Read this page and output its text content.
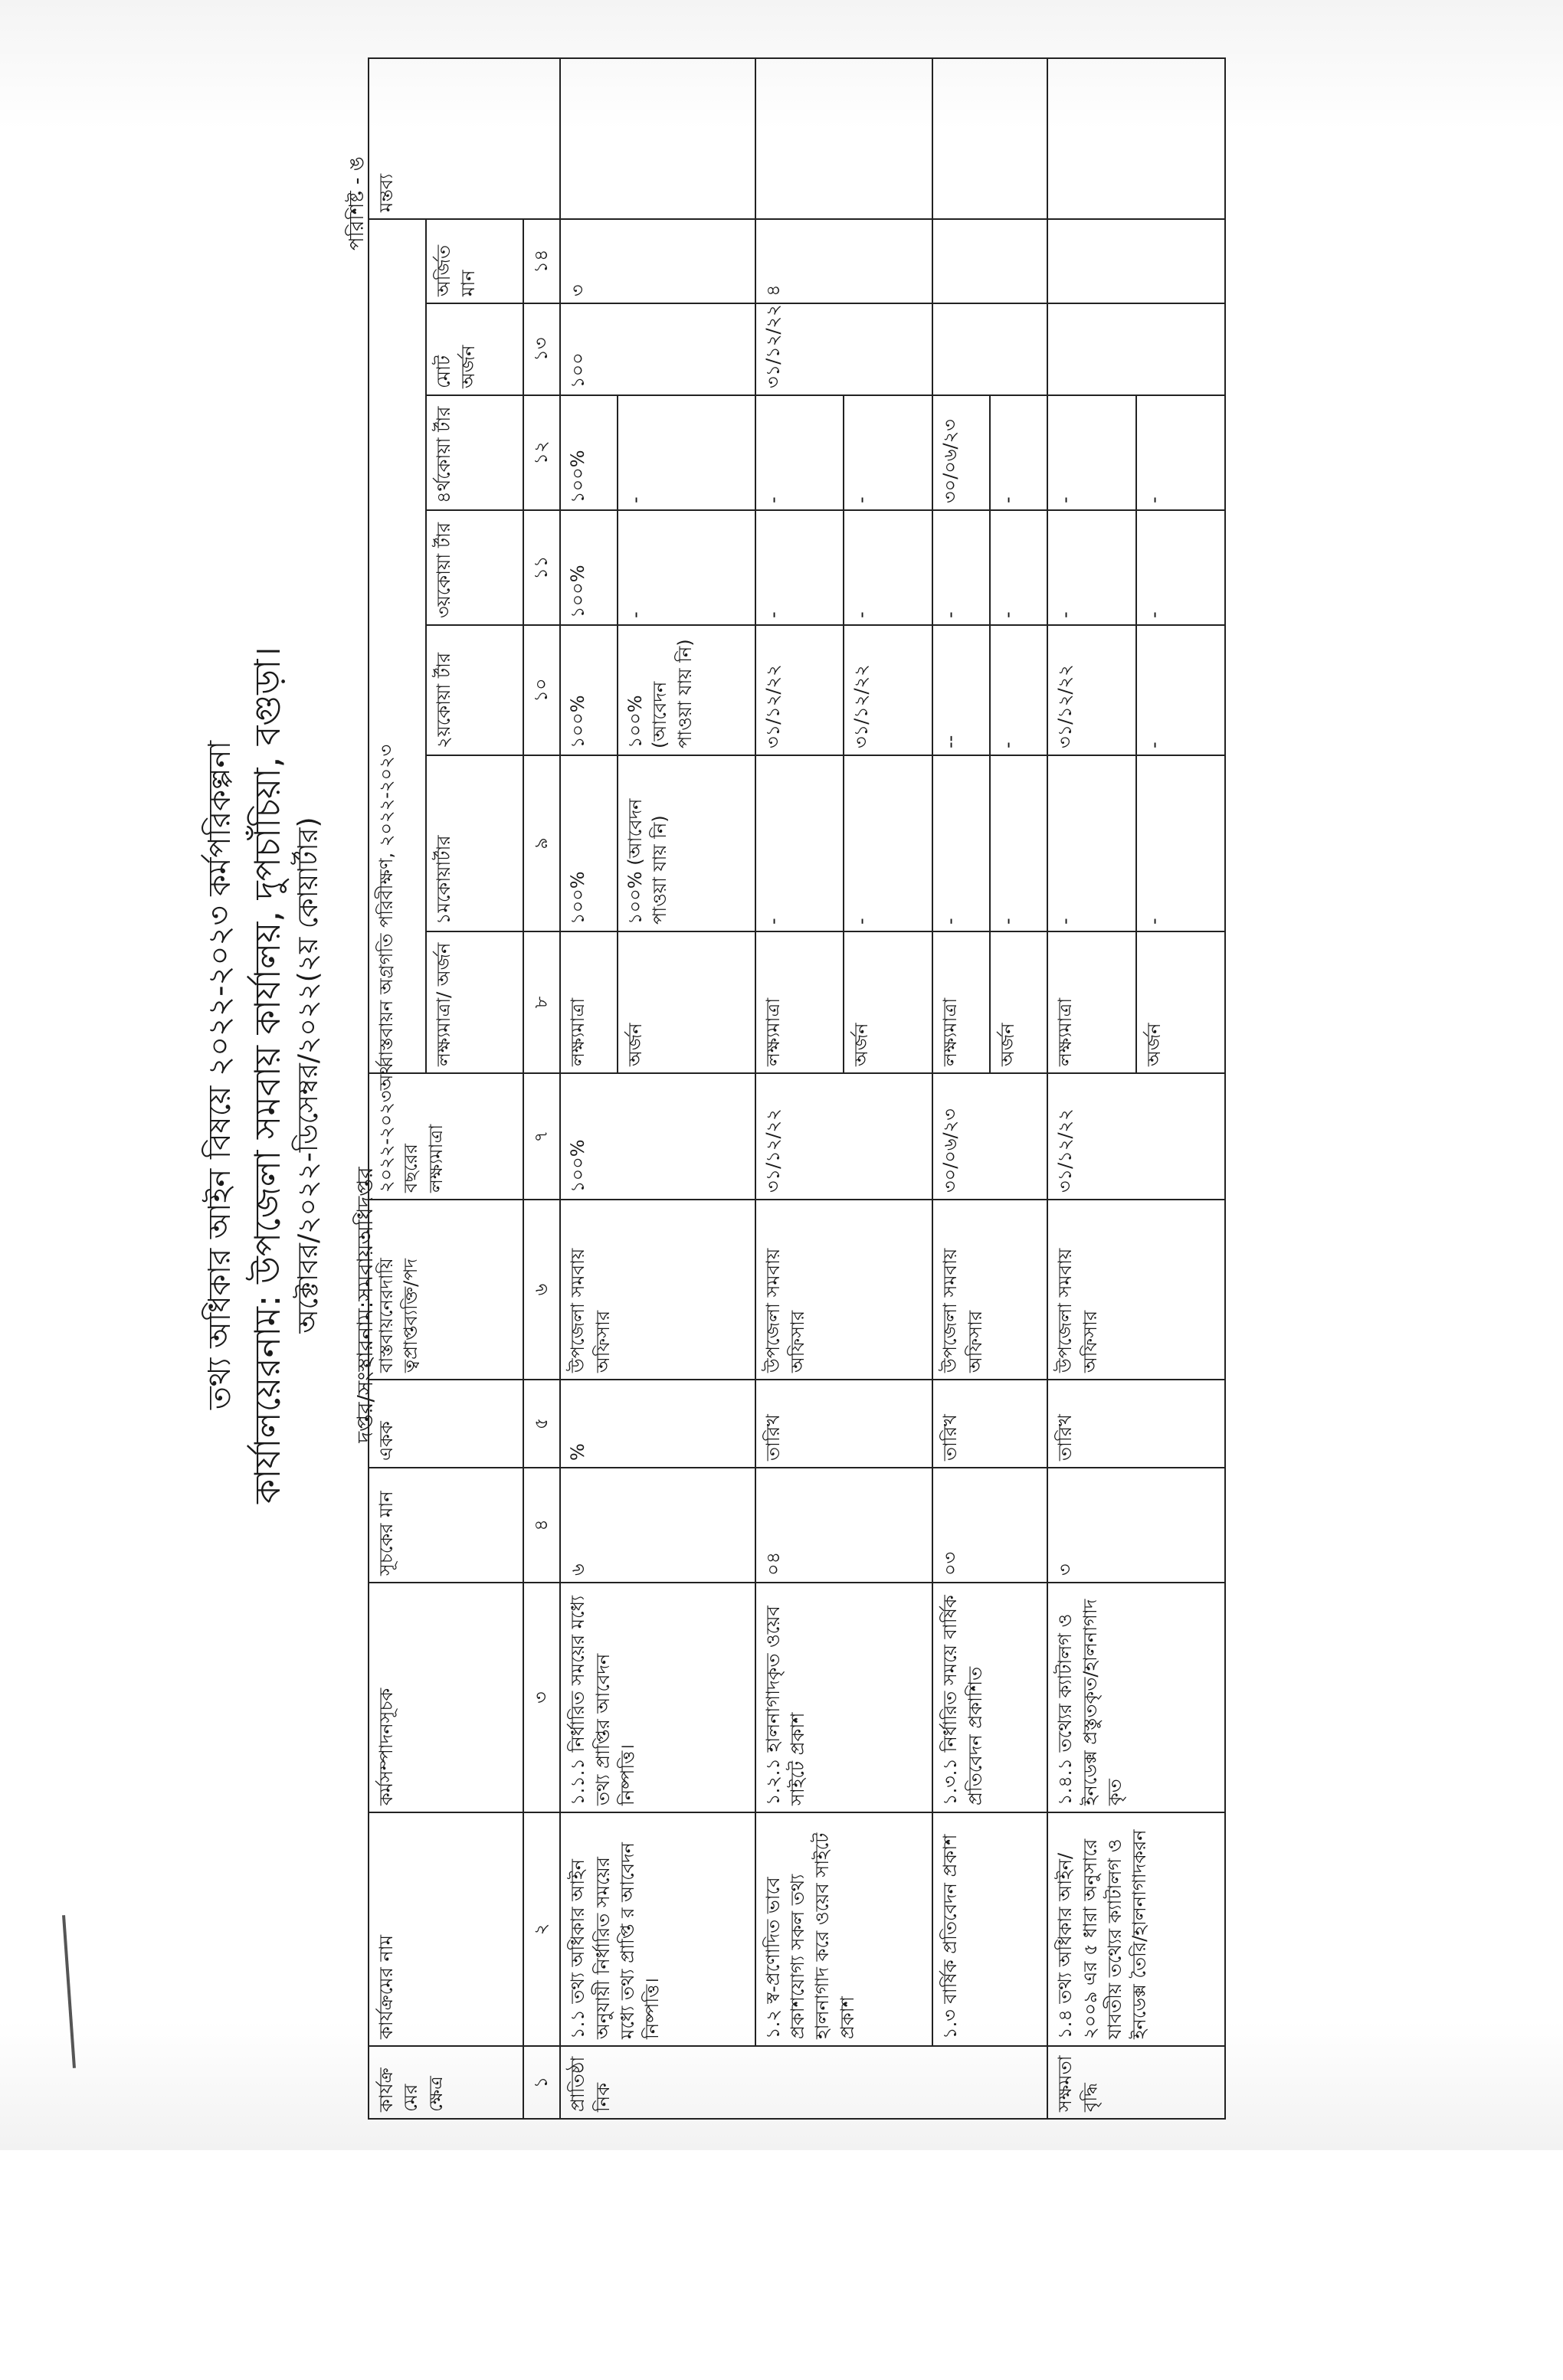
পরিশিষ্ট - ঙ
তথ্য অধিকার আইন বিষয়ে ২০২২-২০২৩ কর্মপরিকল্পনা কার্যালয়েরনাম: উপজেলা সমবায় কার্যালয়, দুপচাঁচিয়া, বগুড়া। অক্টোবর/২০২২-ডিসেম্বর/২০২২(২য় কোয়ার্টার)	দপ্তর/সংস্থারনাম:সমবায়অধিদপ্তর
কার্যক্র মের ক্ষেত্র	কার্যক্রমের নাম	কর্মসম্পাদনসূচক	সূচকের মান	একক	বাস্তবায়নেরদায়ি ত্বপ্রাপ্তব্যক্তি/পদ	২০২২-২০২৩অর্থ বছরের লক্ষ্যমাত্রা	বাস্তবায়ন অগ্রগতি পরিবীক্ষণ, ২০২২-২০২৩							মন্তব্য
							লক্ষ্যমাত্রা/ অর্জন	১মকোয়ার্টার	২য়কোয়া র্টার	৩য়কোয়া র্টার	৪র্থকোয়া র্টার	মোট অর্জন	অর্জিত মান	
১	২	৩	৪	৫	৬	৭	৮	৯	১০	১১	১২	১৩	১৪	
প্রাতিষ্ঠা নিক	১.১ তথ্য অধিকার আইন অনুযায়ী নির্ধারিত সময়ের মধ্যে তথ্য প্রাপ্তি র আবেদন নিষ্পত্তি।	১.১.১ নির্ধারিত সময়ের মধ্যে তথ্য প্রাপ্তির আবেদন নিষ্পত্তি।	৬	%	উপজেলা সমবায় অফিসার	১০০%	লক্ষ্যমাত্রা	১০০%	১০০%	১০০%	১০০%	১০০	৩	
							অর্জন	১০০% (আবেদন পাওয়া যায় নি)	১০০% (আবেদন পাওয়া যায় নি)	-	-			
	১.২ স্ব-প্রণোদিত ভাবে প্রকাশযোগ্য সকল তথ্য হালনাগাদ করে ওয়েব সাইটে প্রকাশ	১.২.১ হালনাগাদকৃত ওয়েব সাইটে প্রকাশ	০৪	তারিখ	উপজেলা সমবায় অফিসার	৩১/১২/২২	লক্ষ্যমাত্রা	-	৩১/১২/২২	-	-	৩১/১২/২২	৪	
							অর্জন	-	৩১/১২/২২	-	-			
	১.৩ বার্ষিক প্রতিবেদন প্রকাশ	১.৩.১ নির্ধারিত সময়ে বার্ষিক প্রতিবেদন প্রকাশিত	০৩	তারিখ	উপজেলা সমবায় অফিসার	৩০/০৬/২৩	লক্ষ্যমাত্রা	-	--	-	৩০/০৬/২৩			
							অর্জন	-	-	-	-			
সক্ষমতা বৃদ্ধি	১.৪ তথ্য অধিকার আইন/২০০৯ এর ৫ ধারা অনুসারে যাবতীয় তথ্যের ক্যাটালগ ও ইনডেক্স তৈরি/হালনাগাদকরন	১.৪.১ তথ্যের ক্যাটালগ ও ইনডেক্স প্রস্তুতকৃত/হালনাগাদ কৃত	৩	তারিখ	উপজেলা সমবায় অফিসার	৩১/১২/২২	লক্ষ্যমাত্রা	-	৩১/১২/২২	-	-			
							অর্জন	-	-	-	-			
